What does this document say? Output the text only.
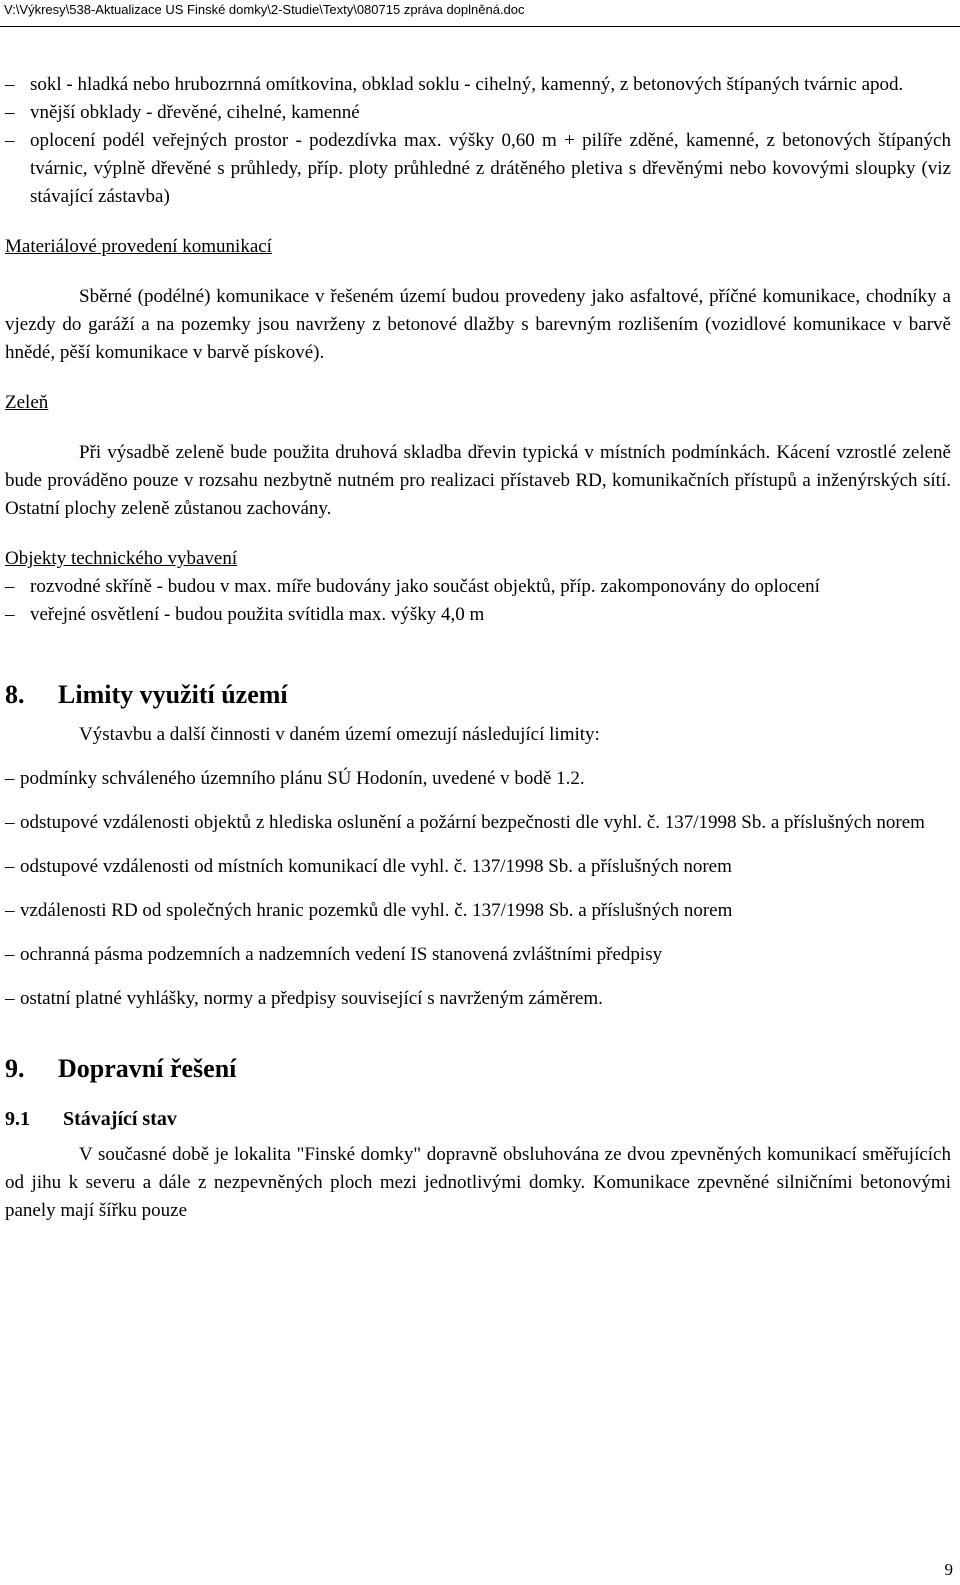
V:\Výkresy\538-Aktualizace US Finské domky\2-Studie\Texty\080715 zpráva doplněná.doc
– sokl - hladká nebo hrubozrnná omítkovina, obklad soklu - cihelný, kamenný, z betonových štípaných tvárnic apod.
– vnější obklady - dřevěné, cihelné, kamenné
– oplocení podél veřejných prostor - podezdívka max. výšky 0,60 m + pilíře zděné, kamenné, z betonových štípaných tvárnic, výplně dřevěné s průhledy, příp. ploty průhledné z drátěného pletiva s dřevěnými nebo kovovými sloupky (viz stávající zástavba)

Materiálové provedení komunikací

Sběrné (podélné) komunikace v řešeném území budou provedeny jako asfaltové, příčné komunikace, chodníky a vjezdy do garáží a na pozemky jsou navrženy z betonové dlažby s barevným rozlišením (vozidlové komunikace v barvě hnědé, pěší komunikace v barvě pískové).

Zeleň

Při výsadbě zeleně bude použita druhová skladba dřevin typická v místních podmínkách. Kácení vzrostlé zeleně bude prováděno pouze v rozsahu nezbytně nutném pro realizaci přístaveb RD, komunikačních přístupů a inženýrských sítí. Ostatní plochy zeleně zůstanou zachovány.

Objekty technického vybavení

– rozvodné skříně - budou v max. míře budovány jako součást objektů, příp. zakomponovány do oplocení
– veřejné osvětlení - budou použita svítidla max. výšky 4,0 m
8. Limity využití území

Výstavbu a další činnosti v daném území omezují následující limity:

– podmínky schváleného územního plánu SÚ Hodonín, uvedené v bodě 1.2.
– odstupové vzdálenosti objektů z hlediska oslunění a požární bezpečnosti dle vyhl. č. 137/1998 Sb. a příslušných norem
– odstupové vzdálenosti od místních komunikací dle vyhl. č. 137/1998 Sb. a příslušných norem
– vzdálenosti RD od společných hranic pozemků dle vyhl. č. 137/1998 Sb. a příslušných norem
– ochranná pásma podzemních a nadzemních vedení IS stanovená zvláštními předpisy
– ostatní platné vyhlášky, normy a předpisy související s navrženým záměrem.
9. Dopravní řešení
9.1 Stávající stav

V současné době je lokalita "Finské domky" dopravně obsluhována ze dvou zpevněných komunikací směřujících od jihu k severu a dále z nezpevněných ploch mezi jednotlivými domky. Komunikace zpevněné silničními betonovými panely mají šířku pouze

9
